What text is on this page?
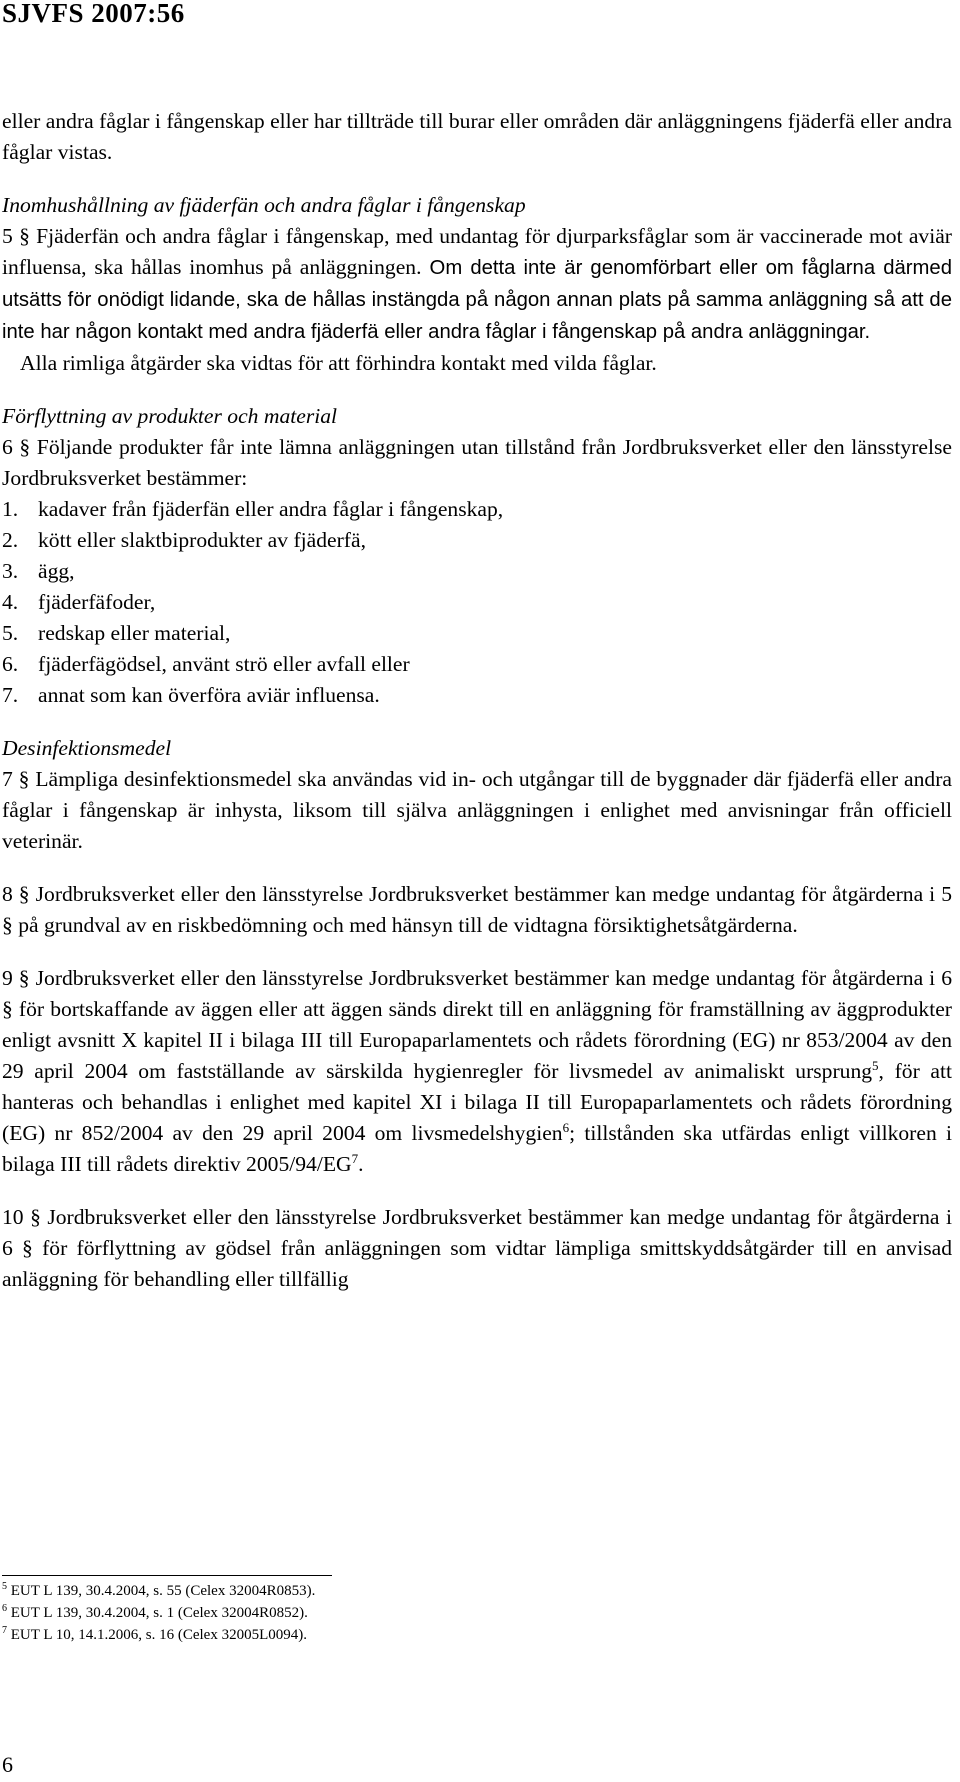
SJVFS 2007:56

eller andra fåglar i fångenskap eller har tillträde till burar eller områden där anläggningens fjäderfä eller andra fåglar vistas.

Inomhushållning av fjäderfän och andra fåglar i fångenskap

5 § Fjäderfän och andra fåglar i fångenskap, med undantag för djurparksfåglar som är vaccinerade mot aviär influensa, ska hållas inomhus på anläggningen. Om detta inte är genomförbart eller om fåglarna därmed utsätts för onödigt lidande, ska de hållas instängda på någon annan plats på samma anläggning så att de inte har någon kontakt med andra fjäderfä eller andra fåglar i fångenskap på andra anläggningar.

Alla rimliga åtgärder ska vidtas för att förhindra kontakt med vilda fåglar.

Förflyttning av produkter och material

6 § Följande produkter får inte lämna anläggningen utan tillstånd från Jordbruksverket eller den länsstyrelse Jordbruksverket bestämmer:

1. kadaver från fjäderfän eller andra fåglar i fångenskap,
2. kött eller slaktbiprodukter av fjäderfä,
3. ägg,
4. fjäderfäfoder,
5. redskap eller material,
6. fjäderfägödsel, använt strö eller avfall eller
7. annat som kan överföra aviär influensa.

Desinfektionsmedel

7 § Lämpliga desinfektionsmedel ska användas vid in- och utgångar till de byggnader där fjäderfä eller andra fåglar i fångenskap är inhysta, liksom till själva anläggningen i enlighet med anvisningar från officiell veterinär.

8 § Jordbruksverket eller den länsstyrelse Jordbruksverket bestämmer kan medge undantag för åtgärderna i 5 § på grundval av en riskbedömning och med hänsyn till de vidtagna försiktighetsåtgärderna.

9 § Jordbruksverket eller den länsstyrelse Jordbruksverket bestämmer kan medge undantag för åtgärderna i 6 § för bortskaffande av äggen eller att äggen sänds direkt till en anläggning för framställning av äggprodukter enligt avsnitt X kapitel II i bilaga III till Europaparlamentets och rådets förordning (EG) nr 853/2004 av den 29 april 2004 om fastställande av särskilda hygienregler för livsmedel av animaliskt ursprung$^5$, för att hanteras och behandlas i enlighet med kapitel XI i bilaga II till Europaparlamentets och rådets förordning (EG) nr 852/2004 av den 29 april 2004 om livsmedelshygien$^6$; tillstånden ska utfärdas enligt villkoren i bilaga III till rådets direktiv $2005/94/EG^7$.

10 § Jordbruksverket eller den länsstyrelse Jordbruksverket bestämmer kan medge undantag för åtgärderna i 6 § för förflyttning av gödsel från anläggningen som vidtar lämpliga smittskyddsåtgärder till en anvisad anläggning för behandling eller tillfällig

$^5$ EUT L 139, 30.4.2004, s. 55 (Celex 32004R0853).
$^6$ EUT L 139, 30.4.2004, s. 1 (Celex 32004R0852).
$^7$ EUT L 10, 14.1.2006, s. 16 (Celex 32005L0094).
6
